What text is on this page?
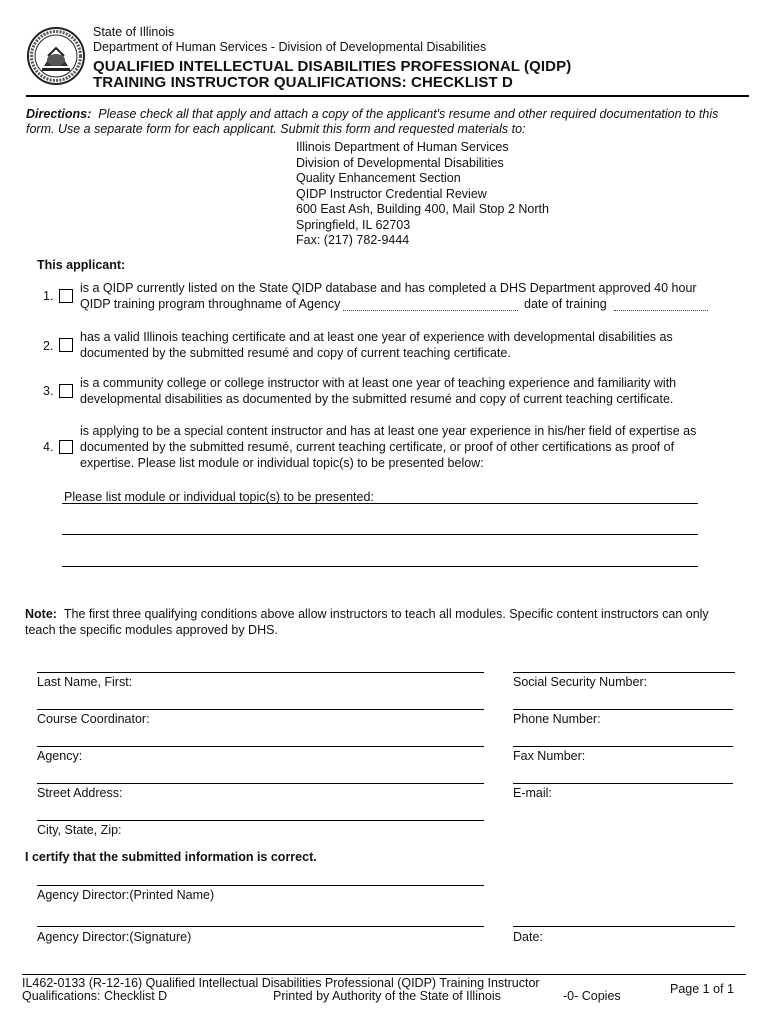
State of Illinois
Department of Human Services - Division of Developmental Disabilities
QUALIFIED INTELLECTUAL DISABILITIES PROFESSIONAL (QIDP)
TRAINING INSTRUCTOR QUALIFICATIONS: CHECKLIST D
Directions: Please check all that apply and attach a copy of the applicant's resume and other required documentation to this
form. Use a separate form for each applicant. Submit this form and requested materials to:
Illinois Department of Human Services
Division of Developmental Disabilities
Quality Enhancement Section
QIDP Instructor Credential Review
600 East Ash, Building 400, Mail Stop 2 North
Springfield, IL 62703
Fax: (217) 782-9444
This applicant:
1.
is a QIDP currently listed on the State QIDP database and has completed a DHS Department approved 40 hour
QIDP training program throughname of Agency	date of training
2.
has a valid Illinois teaching certificate and at least one year of experience with developmental disabilities as
documented by the submitted resumé and copy of current teaching certificate.
3.
is a community college or college instructor with at least one year of teaching experience and familiarity with
developmental disabilities as documented by the submitted resumé and copy of current teaching certificate.
4.
is applying to be a special content instructor and has at least one year experience in his/her field of expertise as
documented by the submitted resumé, current teaching certificate, or proof of other certifications as proof of
expertise. Please list module or individual topic(s) to be presented below:
Please list module or individual topic(s) to be presented:
Note: The first three qualifying conditions above allow instructors to teach all modules. Specific content instructors can only
teach the specific modules approved by DHS.
Last Name, First:	Social Security Number:
Course Coordinator:	Phone Number:
Agency:	Fax Number:
Street Address:	E-mail:
City, State, Zip:
I certify that the submitted information is correct.
Agency Director:(Printed Name)
Agency Director:(Signature)	Date:
IL462-0133 (R-12-16) Qualified Intellectual Disabilities Professional (QIDP) Training Instructor
Qualifications: Checklist D	Printed by Authority of the State of Illinois	-0- Copies	Page 1 of 1
